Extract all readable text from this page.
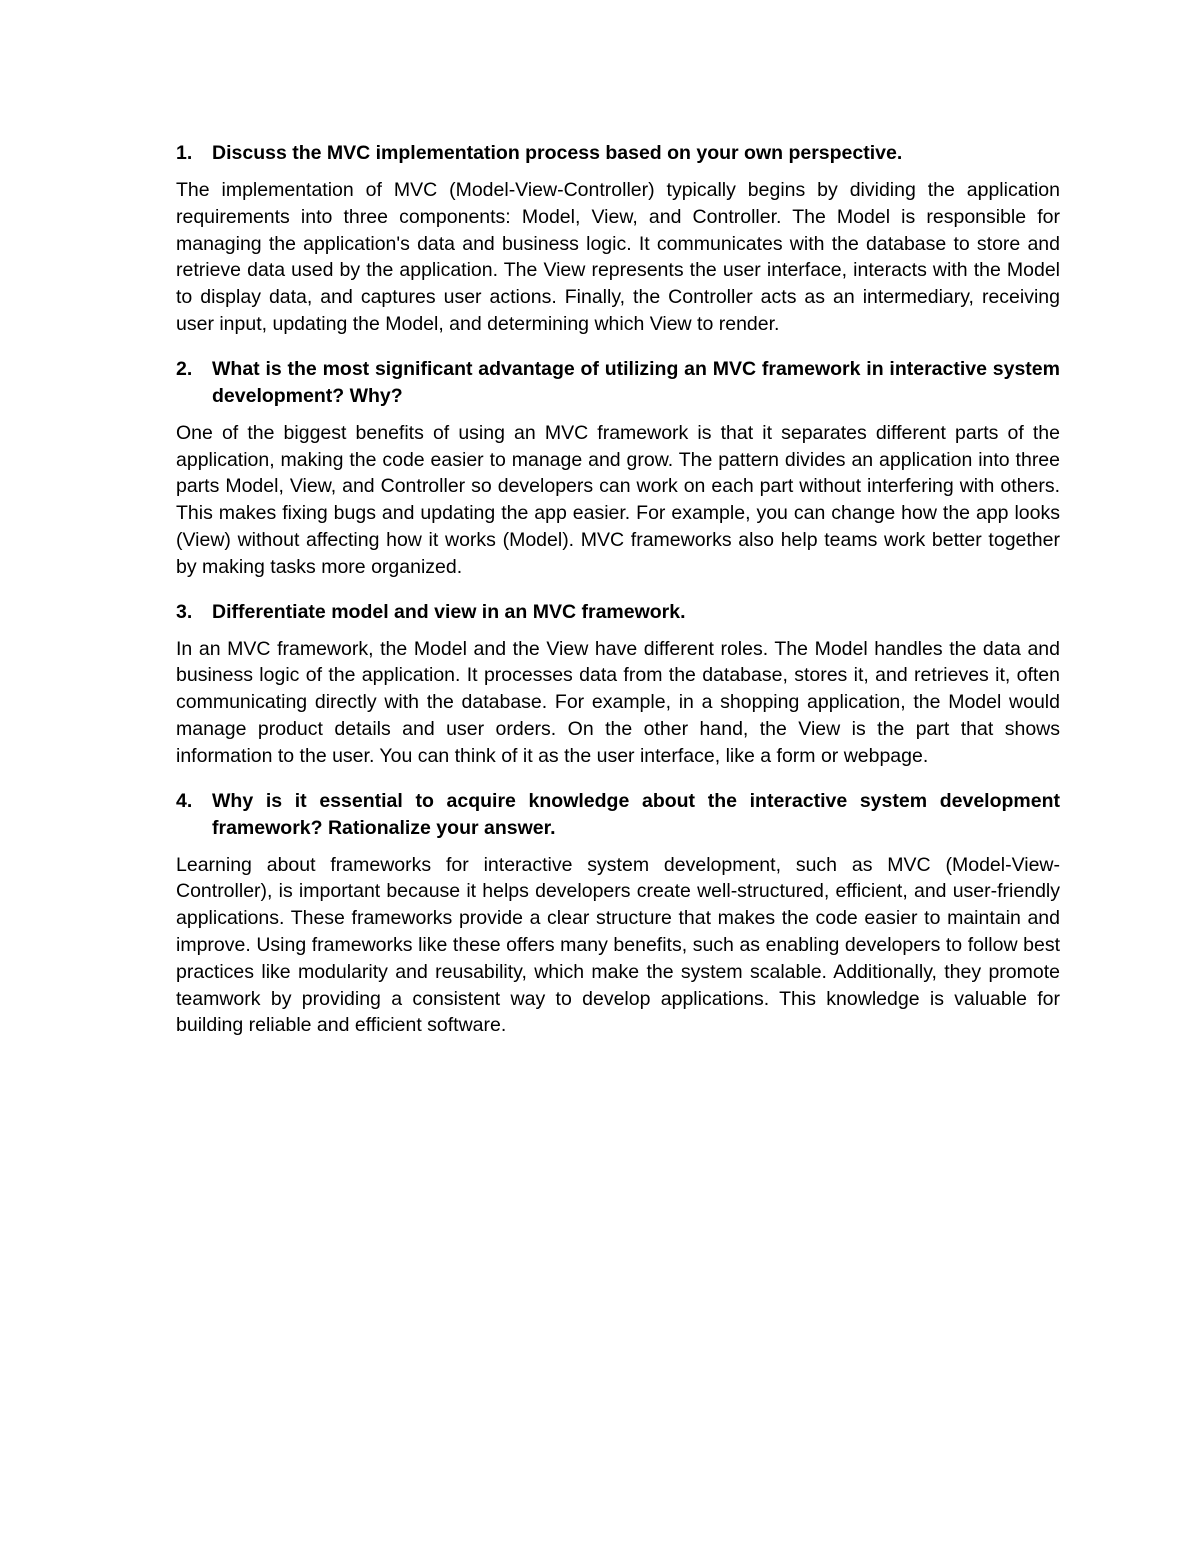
1.	Discuss the MVC implementation process based on your own perspective.

The implementation of MVC (Model-View-Controller) typically begins by dividing the application requirements into three components: Model, View, and Controller. The Model is responsible for managing the application's data and business logic. It communicates with the database to store and retrieve data used by the application. The View represents the user interface, interacts with the Model to display data, and captures user actions. Finally, the Controller acts as an intermediary, receiving user input, updating the Model, and determining which View to render.

2.	What is the most significant advantage of utilizing an MVC framework in interactive system development? Why?

One of the biggest benefits of using an MVC framework is that it separates different parts of the application, making the code easier to manage and grow. The pattern divides an application into three parts Model, View, and Controller so developers can work on each part without interfering with others. This makes fixing bugs and updating the app easier. For example, you can change how the app looks (View) without affecting how it works (Model). MVC frameworks also help teams work better together by making tasks more organized.

3.	Differentiate model and view in an MVC framework.

In an MVC framework, the Model and the View have different roles. The Model handles the data and business logic of the application. It processes data from the database, stores it, and retrieves it, often communicating directly with the database. For example, in a shopping application, the Model would manage product details and user orders. On the other hand, the View is the part that shows information to the user. You can think of it as the user interface, like a form or webpage.

4.	Why is it essential to acquire knowledge about the interactive system development framework? Rationalize your answer.

Learning about frameworks for interactive system development, such as MVC (Model-View-Controller), is important because it helps developers create well-structured, efficient, and user-friendly applications. These frameworks provide a clear structure that makes the code easier to maintain and improve. Using frameworks like these offers many benefits, such as enabling developers to follow best practices like modularity and reusability, which make the system scalable. Additionally, they promote teamwork by providing a consistent way to develop applications. This knowledge is valuable for building reliable and efficient software.
